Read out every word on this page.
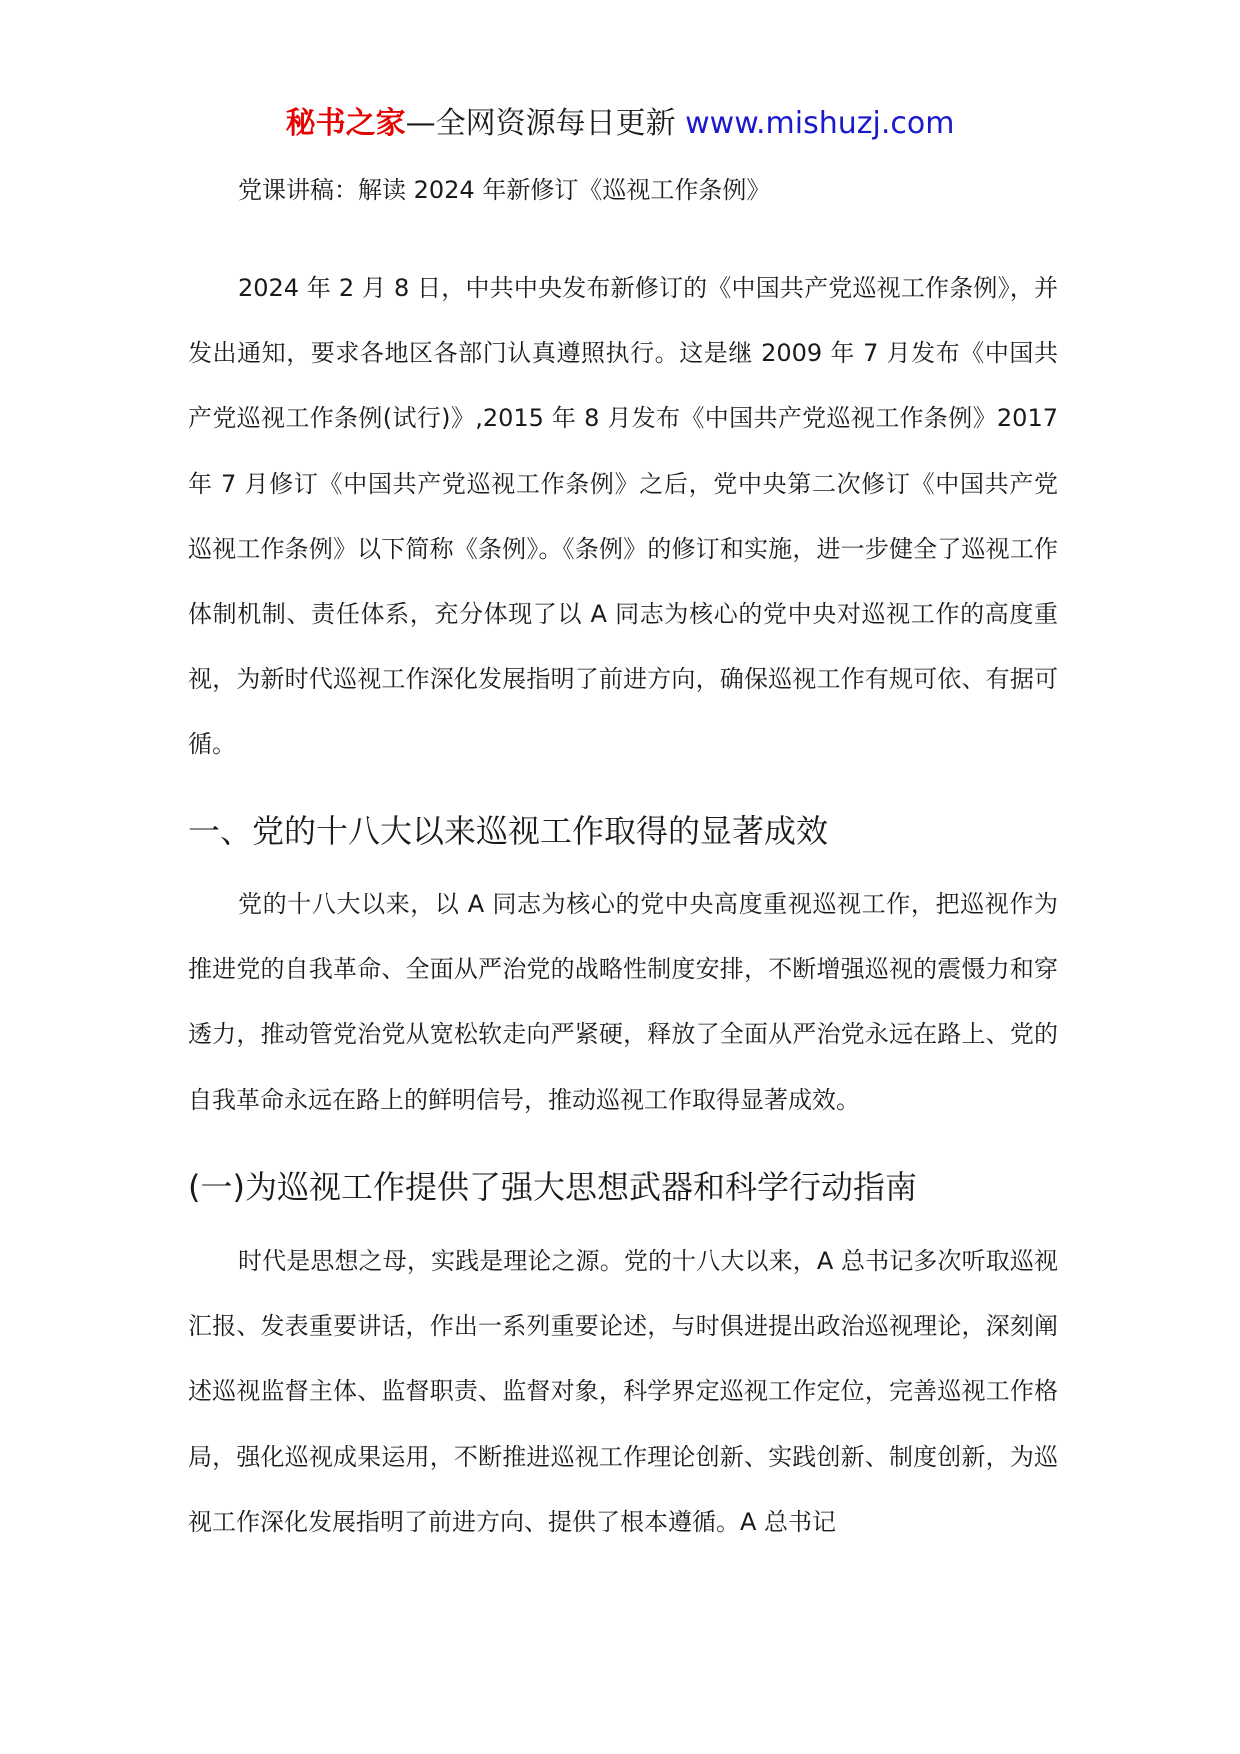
秘书之家—全网资源每日更新 www.mishuzj.com
党课讲稿：解读 2024 年新修订《巡视工作条例》

2024 年 2 月 8 日，中共中央发布新修订的《中国共产党巡视工作条例》，并发出通知，要求各地区各部门认真遵照执行。这是继 2009 年 7 月发布《中国共产党巡视工作条例(试行)》,2015 年 8 月发布《中国共产党巡视工作条例》2017 年 7 月修订《中国共产党巡视工作条例》之后，党中央第二次修订《中国共产党巡视工作条例》以下简称《条例》。《条例》的修订和实施，进一步健全了巡视工作体制机制、责任体系，充分体现了以 A 同志为核心的党中央对巡视工作的高度重视，为新时代巡视工作深化发展指明了前进方向，确保巡视工作有规可依、有据可循。

一、党的十八大以来巡视工作取得的显著成效

党的十八大以来，以 A 同志为核心的党中央高度重视巡视工作，把巡视作为推进党的自我革命、全面从严治党的战略性制度安排，不断增强巡视的震慑力和穿透力，推动管党治党从宽松软走向严紧硬，释放了全面从严治党永远在路上、党的自我革命永远在路上的鲜明信号，推动巡视工作取得显著成效。

(一)为巡视工作提供了强大思想武器和科学行动指南

时代是思想之母，实践是理论之源。党的十八大以来，A 总书记多次听取巡视汇报、发表重要讲话，作出一系列重要论述，与时俱进提出政治巡视理论，深刻阐述巡视监督主体、监督职责、监督对象，科学界定巡视工作定位，完善巡视工作格局，强化巡视成果运用，不断推进巡视工作理论创新、实践创新、制度创新，为巡视工作深化发展指明了前进方向、提供了根本遵循。A 总书记
